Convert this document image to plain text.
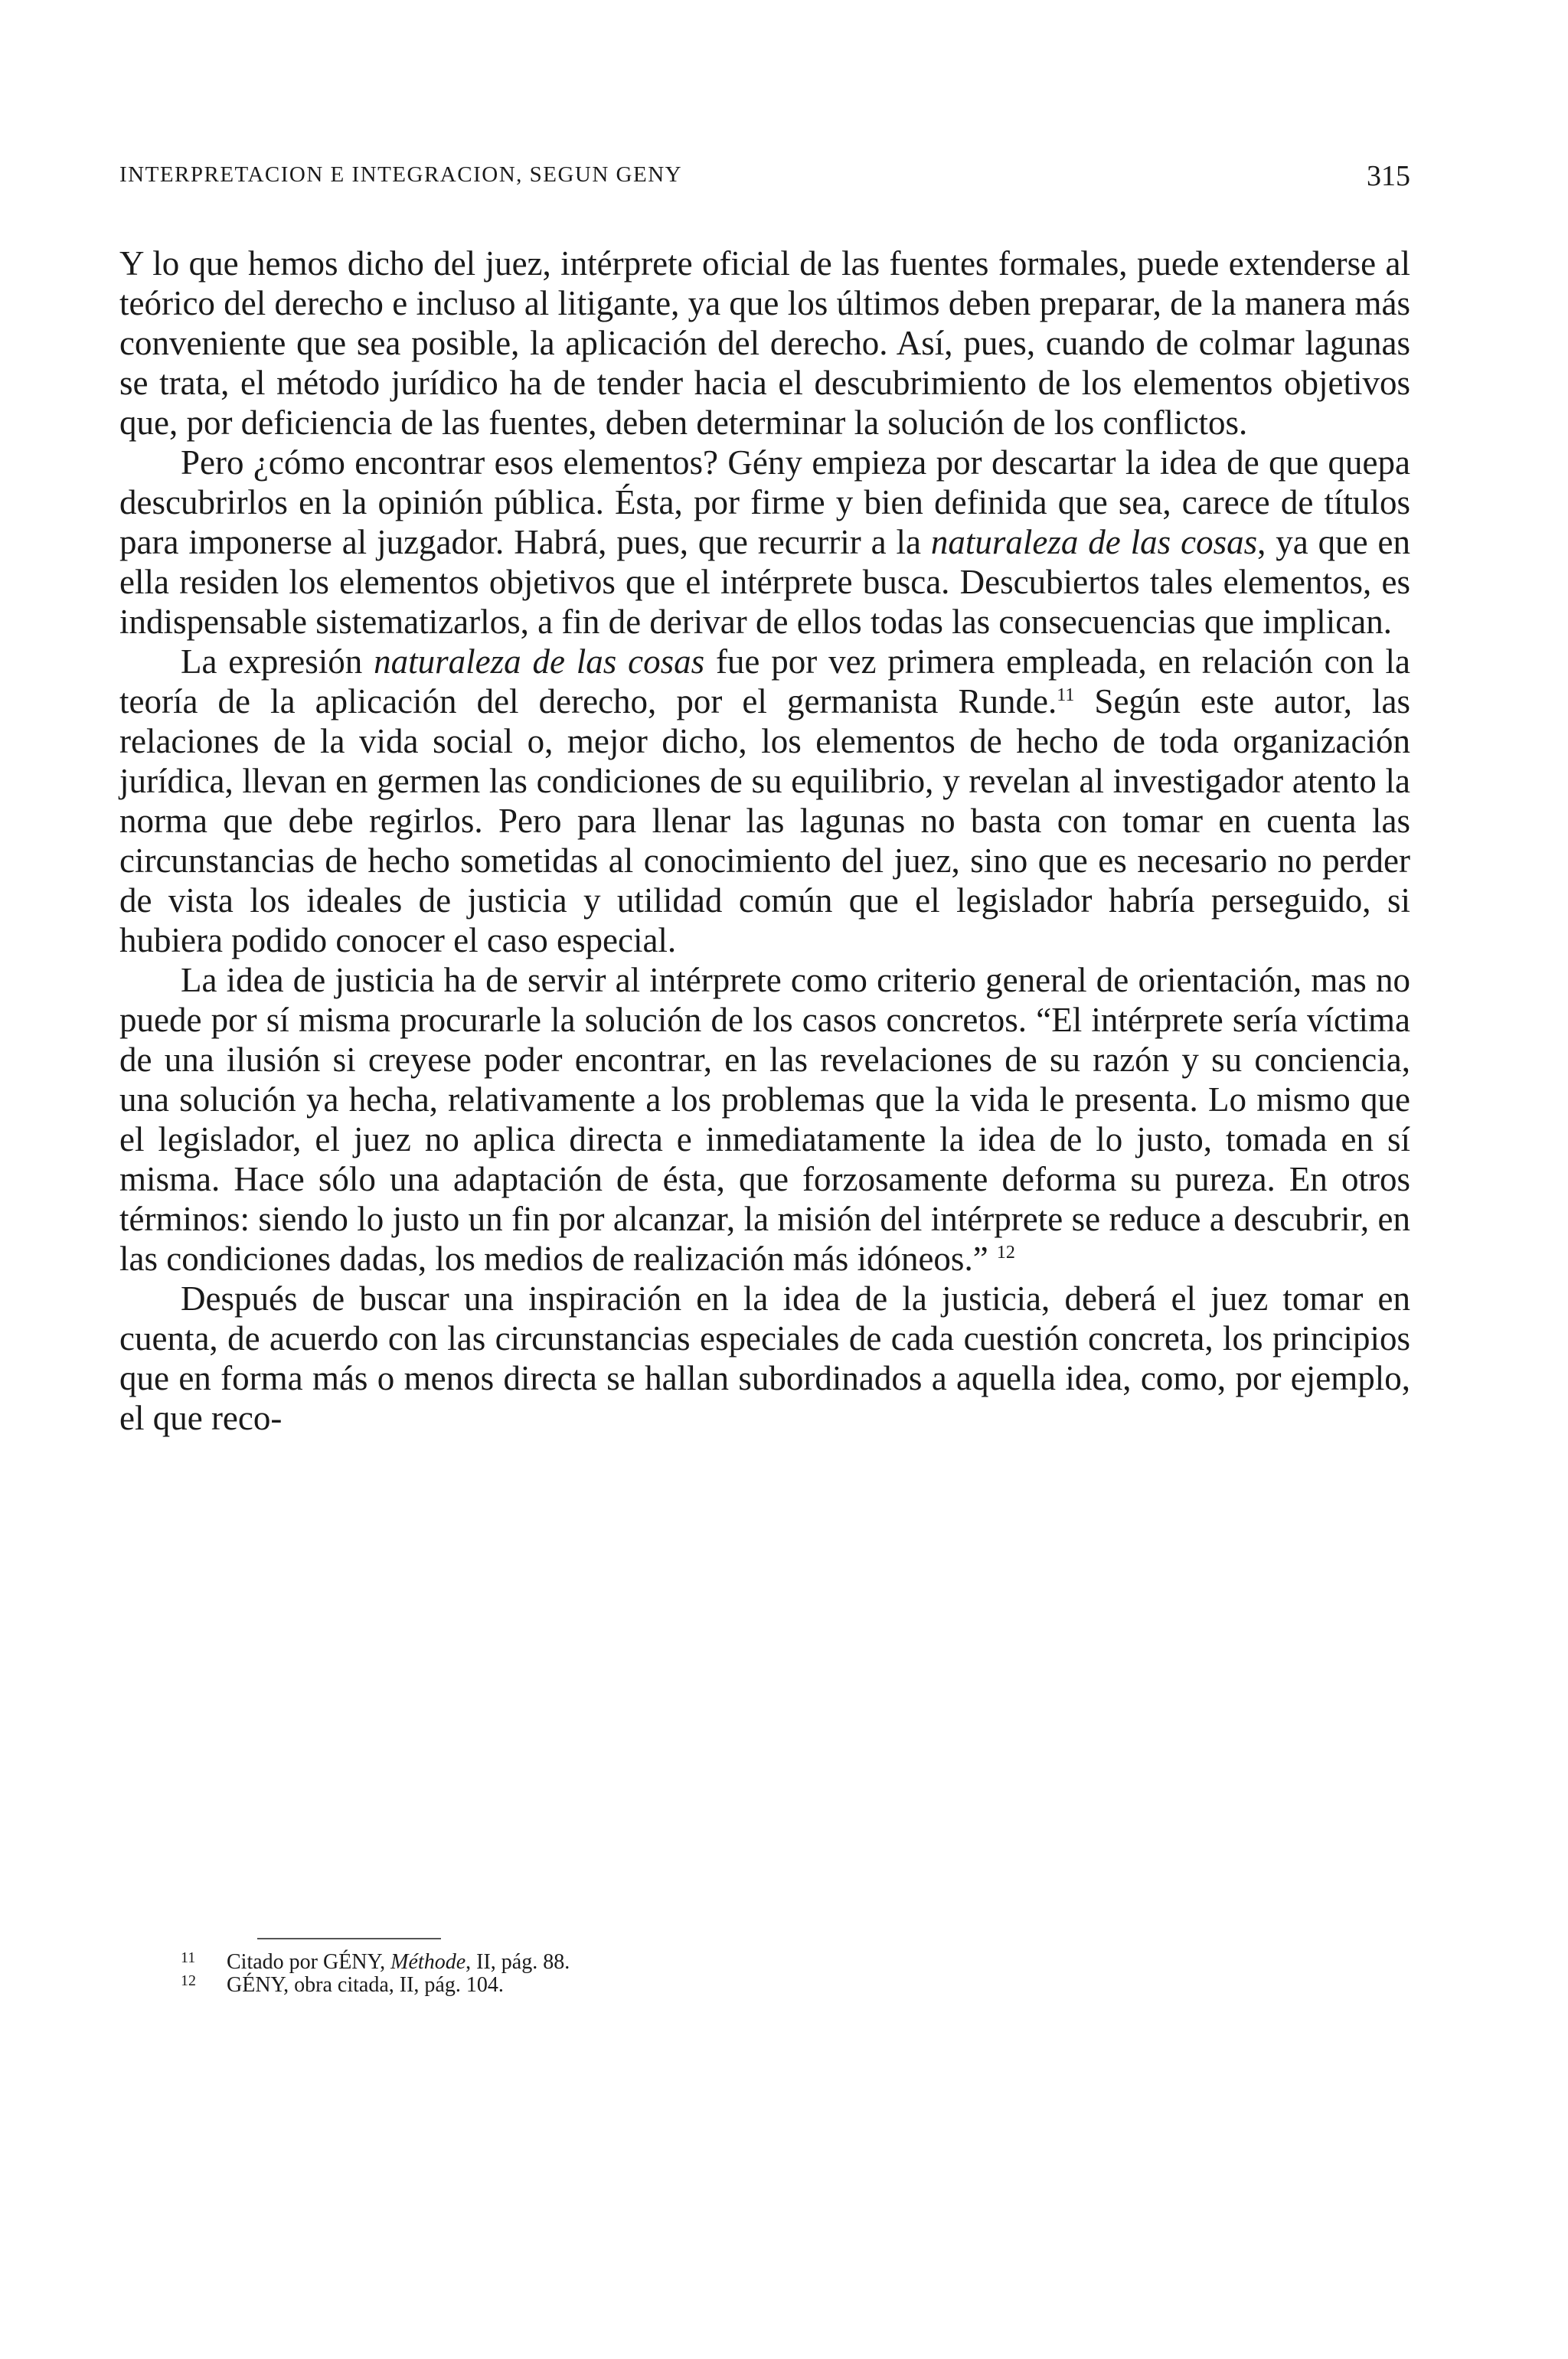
INTERPRETACION E INTEGRACION, SEGUN GENY	315

Y lo que hemos dicho del juez, intérprete oficial de las fuentes formales, puede extenderse al teórico del derecho e incluso al litigante, ya que los últimos deben preparar, de la manera más conveniente que sea posible, la aplicación del derecho. Así, pues, cuando de colmar lagunas se trata, el método jurídico ha de tender hacia el descubrimiento de los elementos objetivos que, por deficiencia de las fuentes, deben determinar la solución de los conflictos.

Pero ¿cómo encontrar esos elementos? Gény empieza por descartar la idea de que quepa descubrirlos en la opinión pública. Ésta, por firme y bien definida que sea, carece de títulos para imponerse al juzgador. Habrá, pues, que recurrir a la naturaleza de las cosas, ya que en ella residen los elementos objetivos que el intérprete busca. Descubiertos tales elementos, es indispensable sistematizarlos, a fin de derivar de ellos todas las consecuencias que implican.

La expresión naturaleza de las cosas fue por vez primera empleada, en relación con la teoría de la aplicación del derecho, por el germanista Runde.$^{11}$ Según este autor, las relaciones de la vida social o, mejor dicho, los elementos de hecho de toda organización jurídica, llevan en germen las condiciones de su equilibrio, y revelan al investigador atento la norma que debe regirlos. Pero para llenar las lagunas no basta con tomar en cuenta las circunstancias de hecho sometidas al conocimiento del juez, sino que es necesario no perder de vista los ideales de justicia y utilidad común que el legislador habría perseguido, si hubiera podido conocer el caso especial.

La idea de justicia ha de servir al intérprete como criterio general de orientación, mas no puede por sí misma procurarle la solución de los casos concretos. “El intérprete sería víctima de una ilusión si creyese poder encontrar, en las revelaciones de su razón y su conciencia, una solución ya hecha, relativamente a los problemas que la vida le presenta. Lo mismo que el legislador, el juez no aplica directa e inmediatamente la idea de lo justo, tomada en sí misma. Hace sólo una adaptación de ésta, que forzosamente deforma su pureza. En otros términos: siendo lo justo un fin por alcanzar, la misión del intérprete se reduce a descubrir, en las condiciones dadas, los medios de realización más idóneos.” $^{12}$

Después de buscar una inspiración en la idea de la justicia, deberá el juez tomar en cuenta, de acuerdo con las circunstancias especiales de cada cuestión concreta, los principios que en forma más o menos directa se hallan subordinados a aquella idea, como, por ejemplo, el que reco-

11 Citado por GÉNY, Méthode, II, pág. 88.
12 GÉNY, obra citada, II, pág. 104.
